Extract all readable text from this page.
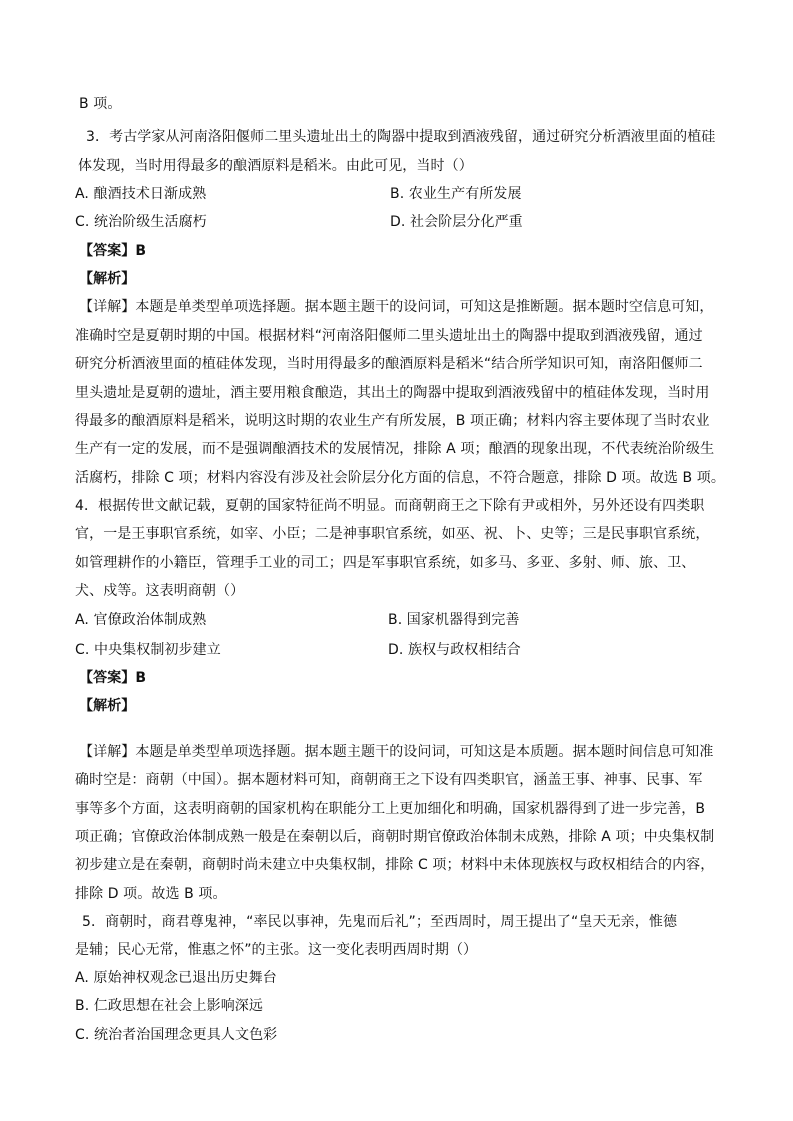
B 项。
3．考古学家从河南洛阳偃师二里头遗址出土的陶器中提取到酒液残留，通过研究分析酒液里面的植硅
体发现，当时用得最多的酿酒原料是稻米。由此可见，当时（）
A. 酿酒技术日渐成熟	B. 农业生产有所发展
C. 统治阶级生活腐朽	D. 社会阶层分化严重
【答案】B
【解析】
【详解】本题是单类型单项选择题。据本题主题干的设问词，可知这是推断题。据本题时空信息可知，
准确时空是夏朝时期的中国。根据材料“河南洛阳偃师二里头遗址出土的陶器中提取到酒液残留，通过
研究分析酒液里面的植硅体发现，当时用得最多的酿酒原料是稻米“结合所学知识可知，南洛阳偃师二
里头遗址是夏朝的遗址，酒主要用粮食酿造，其出土的陶器中提取到酒液残留中的植硅体发现，当时用
得最多的酿酒原料是稻米，说明这时期的农业生产有所发展，B 项正确；材料内容主要体现了当时农业
生产有一定的发展，而不是强调酿酒技术的发展情况，排除 A 项；酿酒的现象出现，不代表统治阶级生
活腐朽，排除 C 项；材料内容没有涉及社会阶层分化方面的信息，不符合题意，排除 D 项。故选 B 项。
4．根据传世文献记载，夏朝的国家特征尚不明显。而商朝商王之下除有尹或相外，另外还设有四类职
官，一是王事职官系统，如宰、小臣；二是神事职官系统，如巫、祝、卜、史等；三是民事职官系统，
如管理耕作的小籍臣，管理手工业的司工；四是军事职官系统，如多马、多亚、多射、师、旅、卫、
犬、戍等。这表明商朝（）
A. 官僚政治体制成熟	B. 国家机器得到完善
C. 中央集权制初步建立	D. 族权与政权相结合
【答案】B
【解析】
【详解】本题是单类型单项选择题。据本题主题干的设问词，可知这是本质题。据本题时间信息可知准
确时空是：商朝（中国）。据本题材料可知，商朝商王之下设有四类职官，涵盖王事、神事、民事、军
事等多个方面，这表明商朝的国家机构在职能分工上更加细化和明确，国家机器得到了进一步完善，B
项正确；官僚政治体制成熟一般是在秦朝以后，商朝时期官僚政治体制未成熟，排除 A 项；中央集权制
初步建立是在秦朝，商朝时尚未建立中央集权制，排除 C 项；材料中未体现族权与政权相结合的内容，
排除 D 项。故选 B 项。
5．商朝时，商君尊鬼神，“率民以事神，先鬼而后礼”；至西周时，周王提出了“皇天无亲，惟德
是辅；民心无常，惟惠之怀”的主张。这一变化表明西周时期（）
A. 原始神权观念已退出历史舞台
B. 仁政思想在社会上影响深远
C. 统治者治国理念更具人文色彩
